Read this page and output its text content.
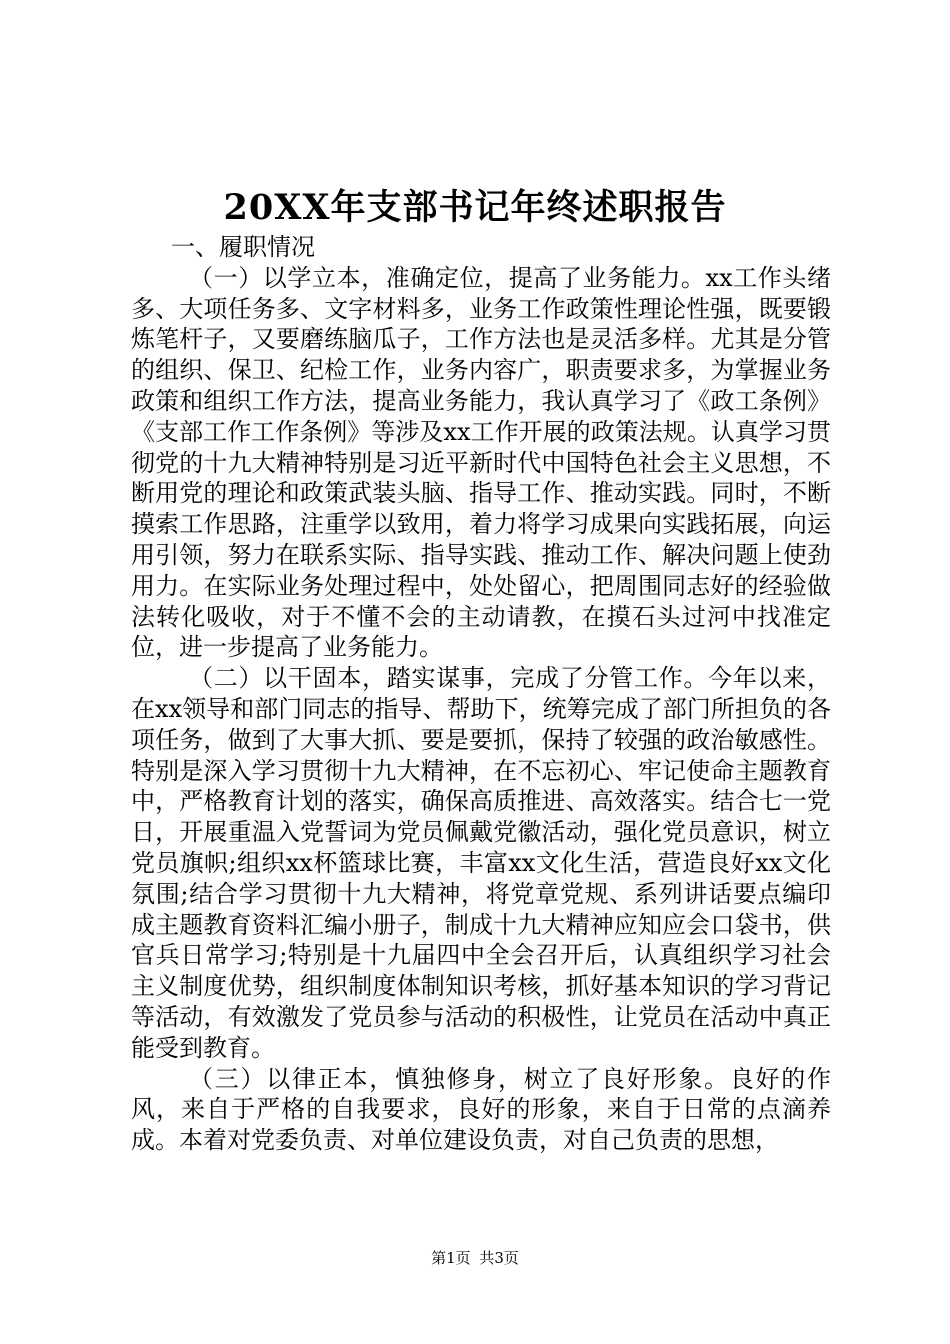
20XX年支部书记年终述职报告

一、履职情况

（一）以学立本，准确定位，提高了业务能力。xx工作头绪多、大项任务多、文字材料多，业务工作政策性理论性强，既要锻炼笔杆子，又要磨练脑瓜子，工作方法也是灵活多样。尤其是分管的组织、保卫、纪检工作，业务内容广，职责要求多，为掌握业务政策和组织工作方法，提高业务能力，我认真学习了《政工条例》《支部工作工作条例》等涉及xx工作开展的政策法规。认真学习贯彻党的十九大精神特别是习近平新时代中国特色社会主义思想，不断用党的理论和政策武装头脑、指导工作、推动实践。同时，不断摸索工作思路，注重学以致用，着力将学习成果向实践拓展，向运用引领，努力在联系实际、指导实践、推动工作、解决问题上使劲用力。在实际业务处理过程中，处处留心，把周围同志好的经验做法转化吸收，对于不懂不会的主动请教，在摸石头过河中找准定位，进一步提高了业务能力。

（二）以干固本，踏实谋事，完成了分管工作。今年以来，在xx领导和部门同志的指导、帮助下，统筹完成了部门所担负的各项任务，做到了大事大抓、要是要抓，保持了较强的政治敏感性。特别是深入学习贯彻十九大精神，在不忘初心、牢记使命主题教育中，严格教育计划的落实，确保高质推进、高效落实。结合七一党日，开展重温入党誓词为党员佩戴党徽活动，强化党员意识，树立党员旗帜;组织xx杯篮球比赛，丰富xx文化生活，营造良好xx文化氛围;结合学习贯彻十九大精神，将党章党规、系列讲话要点编印成主题教育资料汇编小册子，制成十九大精神应知应会口袋书，供官兵日常学习;特别是十九届四中全会召开后，认真组织学习社会主义制度优势，组织制度体制知识考核，抓好基本知识的学习背记等活动，有效激发了党员参与活动的积极性，让党员在活动中真正能受到教育。

（三）以律正本，慎独修身，树立了良好形象。良好的作风，来自于严格的自我要求，良好的形象，来自于日常的点滴养成。本着对党委负责、对单位建设负责，对自己负责的思想，

第1页 共3页
